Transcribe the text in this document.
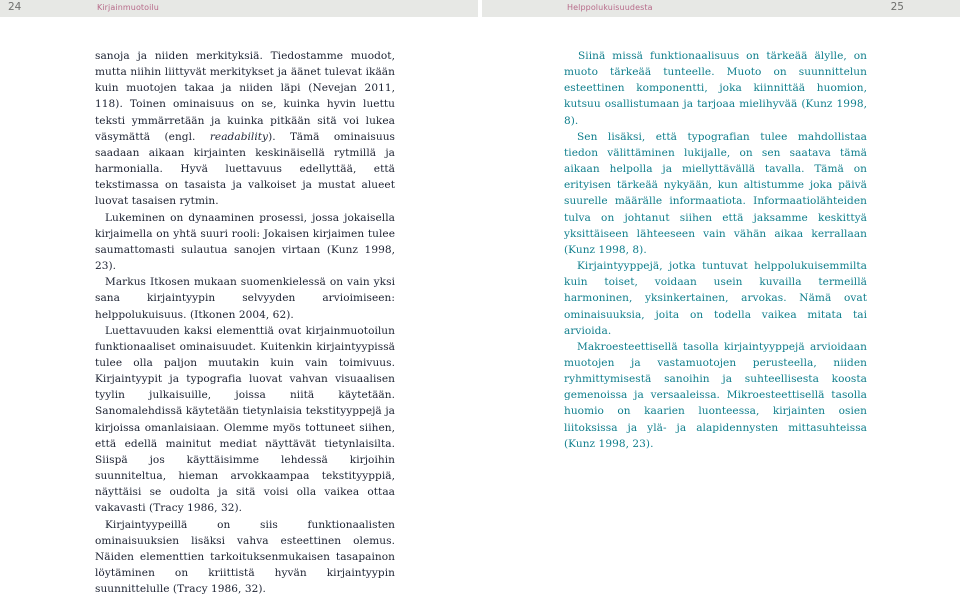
24	Kirjainmuotoilu	Helppolukuisuudesta	25

sanoja ja niiden merkityksiä. Tiedostamme muodot, mutta niihin liittyvät merkitykset ja äänet tulevat ikään kuin muotojen takaa ja niiden läpi (Nevejan 2011, 118). Toinen ominaisuus on se, kuinka hyvin luettu teksti ymmärretään ja kuinka pitkään sitä voi lukea väsymättä (engl. readability). Tämä ominaisuus saadaan aikaan kirjainten keskinäisellä rytmillä ja harmonialla. Hyvä luettavuus edellyttää, että tekstimassa on tasaista ja valkoiset ja mustat alueet luovat tasaisen rytmin.

Lukeminen on dynaaminen prosessi, jossa jokaisella kirjaimella on yhtä suuri rooli: Jokaisen kirjaimen tulee saumattomasti sulautua sanojen virtaan (Kunz 1998, 23).

Markus Itkosen mukaan suomenkielessä on vain yksi sana kirjaintyypin selvyyden arvioimiseen: helppolukuisuus. (Itkonen 2004, 62).

Luettavuuden kaksi elementtiä ovat kirjainmuotoilun funktionaaliset ominaisuudet. Kuitenkin kirjaintyypissä tulee olla paljon muutakin kuin vain toimivuus. Kirjaintyypit ja typografia luovat vahvan visuaalisen tyylin julkaisuille, joissa niitä käytetään. Sanomalehdissä käytetään tietynlaisia tekstityyppejä ja kirjoissa omanlaisiaan. Olemme myös tottuneet siihen, että edellä mainitut mediat näyttävät tietynlaisilta. Siispä jos käyttäisimme lehdessä kirjoihin suunniteltua, hieman arvokkaampaa tekstityyppiä, näyttäisi se oudolta ja sitä voisi olla vaikea ottaa vakavasti (Tracy 1986, 32).

Kirjaintyypeillä on siis funktionaalisten ominaisuuksien lisäksi vahva esteettinen olemus. Näiden elementtien tarkoituksenmukaisen tasapainon löytäminen on kriittistä hyvän kirjaintyypin suunnittelulle (Tracy 1986, 32).

Siinä missä funktionaalisuus on tärkeää älylle, on muoto tärkeää tunteelle. Muoto on suunnittelun esteettinen komponentti, joka kiinnittää huomion, kutsuu osallistumaan ja tarjoaa mielihyvää (Kunz 1998, 8).

Sen lisäksi, että typografian tulee mahdollistaa tiedon välittäminen lukijalle, on sen saatava tämä aikaan helpolla ja miellyttävällä tavalla. Tämä on erityisen tärkeää nykyään, kun altistumme joka päivä suurelle määrälle informaatiota. Informaatiolähteiden tulva on johtanut siihen että jaksamme keskittyä yksittäiseen lähteeseen vain vähän aikaa kerrallaan (Kunz 1998, 8).

Kirjaintyyppejä, jotka tuntuvat helppolukuisemmilta kuin toiset, voidaan usein kuvailla termeillä harmoninen, yksinkertainen, arvokas. Nämä ovat ominaisuuksia, joita on todella vaikea mitata tai arvioida.

Makroesteettisellä tasolla kirjaintyyppejä arvioidaan muotojen ja vastamuotojen perusteella, niiden ryhmittymisestä sanoihin ja suhteellisesta koosta gemenoissa ja versaaleissa. Mikroesteettisellä tasolla huomio on kaarien luonteessa, kirjainten osien liitoksissa ja ylä- ja alapidennysten mittasuhteissa (Kunz 1998, 23).
